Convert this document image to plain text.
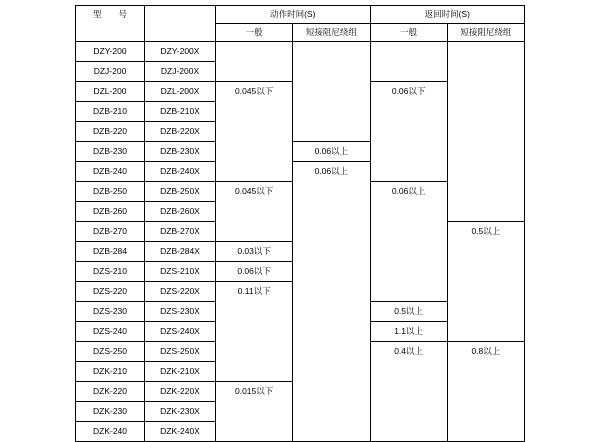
型　　号		动作时间(S)		返回时间(S)	
		一般	短接阻尼绕组	一般	短接阻尼绕组
DZY-200	DZY-200X				
DZJ-200	DZJ-200X				
DZL-200	DZL-200X	0.045以下		0.06以下	
DZB-210	DZB-210X				
DZB-220	DZB-220X				
DZB-230	DZB-230X		0.06以上		
DZB-240	DZB-240X		0.06以上		
DZB-250	DZB-250X	0.045以下		0.06以上	
DZB-260	DZB-260X				
DZB-270	DZB-270X				0.5以上
DZB-284	DZB-284X	0.03以下			
DZS-210	DZS-210X	0.06以下			
DZS-220	DZS-220X	0.11以下			
DZS-230	DZS-230X			0.5以上	
DZS-240	DZS-240X			1.1以上	
DZS-250	DZS-250X			0.4以上	0.8以上
DZK-210	DZK-210X				
DZK-220	DZK-220X	0.015以下			
DZK-230	DZK-230X				
DZK-240	DZK-240X				
